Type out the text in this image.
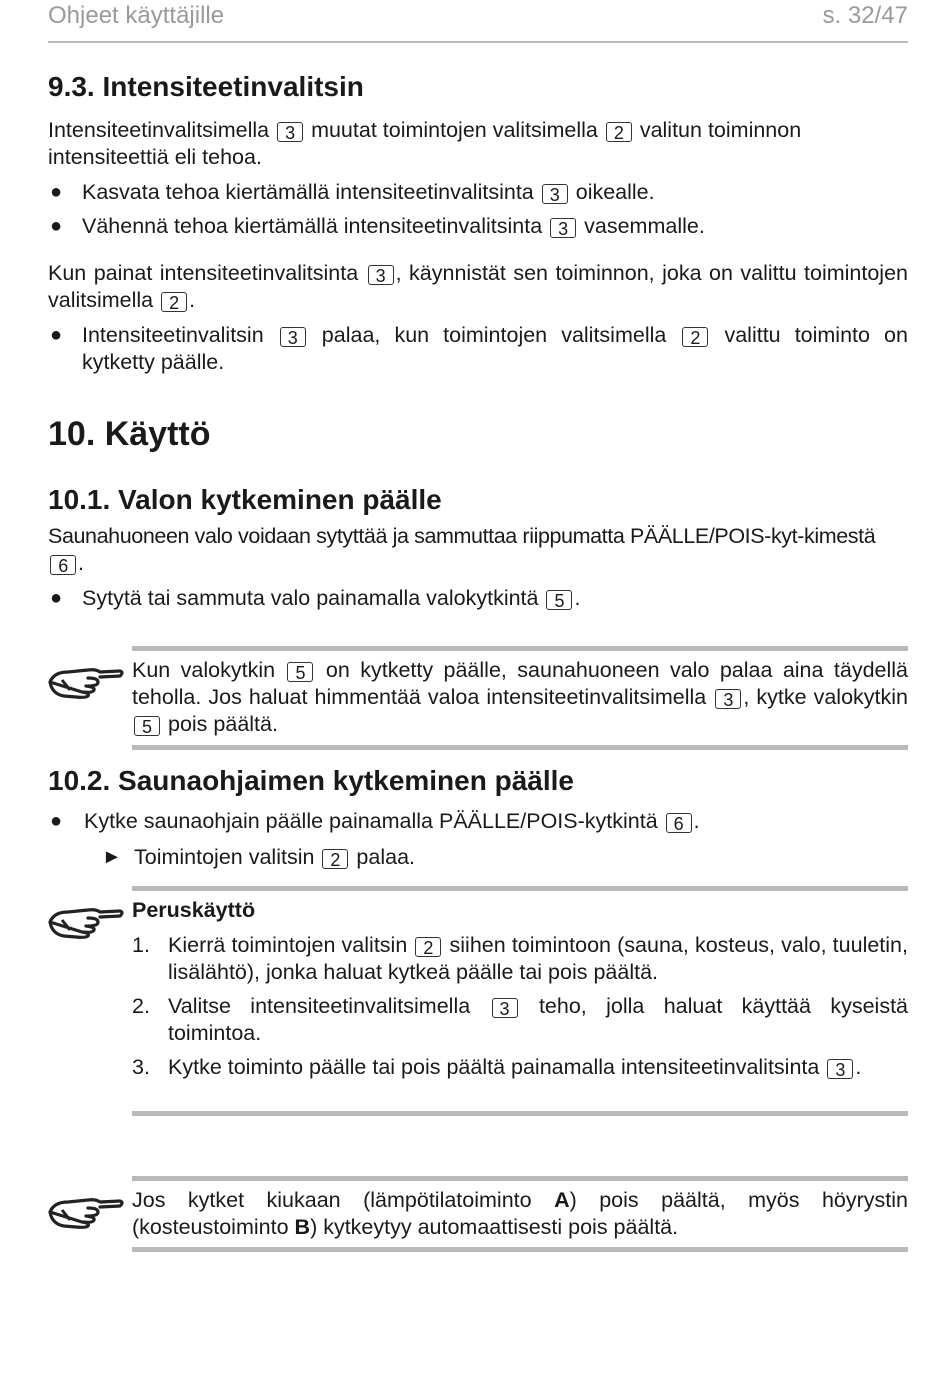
Ohjeet käyttäjille	s. 32/47
9.3. Intensiteetinvalitsin

Intensiteetinvalitsimella 3 muutat toimintojen valitsimella 2 valitun toiminnon intensiteettiä eli tehoa.

● Kasvata tehoa kiertämällä intensiteetinvalitsinta 3 oikealle.
● Vähennä tehoa kiertämällä intensiteetinvalitsinta 3 vasemmalle.

Kun painat intensiteetinvalitsinta 3 , käynnistät sen toiminnon, joka on valittu toimintojen valitsimella 2 .

● Intensiteetinvalitsin 3 palaa, kun toimintojen valitsimella 2 valittu toiminto on kytketty päälle.
10. Käyttö
10.1. Valon kytkeminen päälle

Saunahuoneen valo voidaan sytyttää ja sammuttaa riippumatta PÄÄLLE/POIS-kyt-kimestä 6 .

● Sytytä tai sammuta valo painamalla valokytkintä 5 .

Kun valokytkin 5 on kytketty päälle, saunahuoneen valo palaa aina täydellä teholla. Jos haluat himmentää valoa intensiteetinvalitsimella 3 , kytke valokytkin 5 pois päältä.

10.2. Saunaohjaimen kytkeminen päälle
● Kytke saunaohjain päälle painamalla PÄÄLLE/POIS-kytkintä 6 .
► Toimintojen valitsin 2 palaa.

Peruskäyttö

1. Kierrä toimintojen valitsin 2 siihen toimintoon (sauna, kosteus, valo, tuuletin, lisälähtö), jonka haluat kytkeä päälle tai pois päältä.
2. Valitse intensiteetinvalitsimella 3 teho, jolla haluat käyttää kyseistä toimintoa.
3. Kytke toiminto päälle tai pois päältä painamalla intensiteetinvalitsinta 3 .

Jos kytket kiukaan (lämpötilatoiminto A) pois päältä, myös höyrystin (kosteustoiminto B) kytkeytyy automaattisesti pois päältä.
